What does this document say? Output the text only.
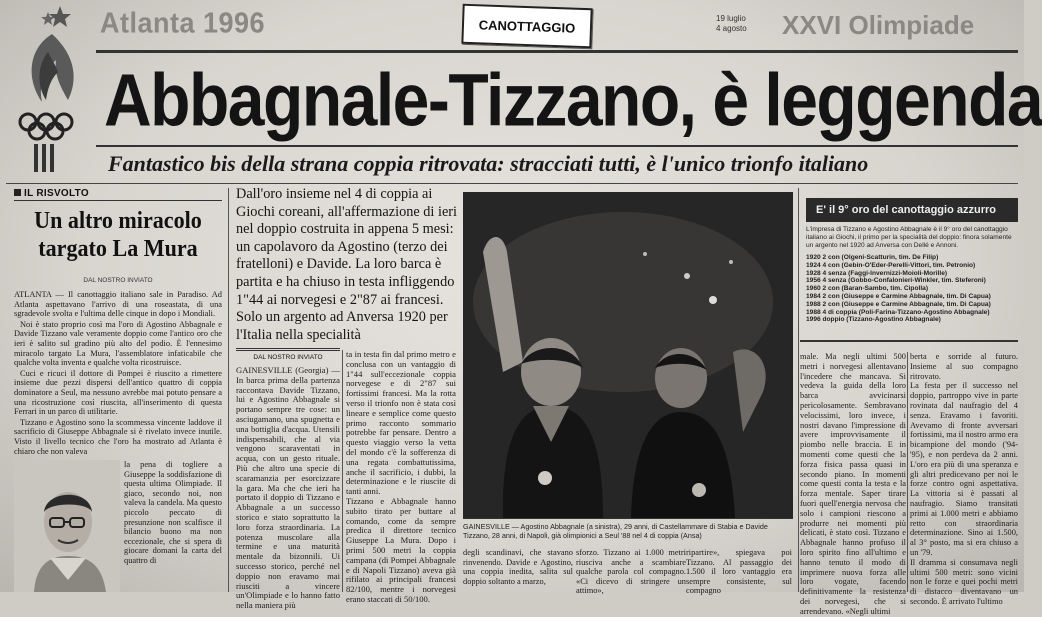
Atlanta 1996	CANOTTAGGIO	19 luglio
4 agosto	XXVI Olimpiade
Abbagnale-Tizzano, è leggenda
Fantastico bis della strana coppia ritrovata: stracciati tutti, è l'unico trionfo italiano
IL RISVOLTO
Un altro miracolo targato La Mura
DAL NOSTRO INVIATO

ATLANTA — Il canottaggio italiano sale in Paradiso. Ad Atlanta aspettavano l'arrivo di una roseastata, di una sgradevole svolta e l'ultima delle cinque in dopo i Mondiali.

Noi è stato proprio così ma l'oro di Agostino Abbagnale e Davide Tizzano vale veramente doppio come l'antico oro che ieri è salito sul gradino più alto del podio. È l'ennesimo miracolo targato La Mura, l'assemblatore infaticabile che qualche volta inventa e qualche volta ricostruisce.

Cuci e ricuci il dottore di Pompei è riuscito a rimettere insieme due pezzi dispersi dell'antico quattro di coppia dominatore a Seul, ma nessuno avrebbe mai potuto pensare a una ricostruzione così riuscita, all'inserimento di questa Ferrari in un parco di utilitarie.

Tizzano e Agostino sono la scommessa vincente laddove il sacrificio di Giuseppe Abbagnale si è rivelato invece inutile. Visto il livello tecnico che l'oro ha mostrato ad Atlanta è chiaro che non valeva

la pena di togliere a Giuseppe la soddisfazione di questa ultima Olimpiade. Il giaco, secondo noi, non valeva la candela. Ma questo piccolo peccato di presunzione non scalfisce il bilancio buono ma non eccezionale, che si spera di giocare domani la carta del quattro di
Dall'oro insieme nel 4 di coppia ai Giochi coreani, all'affermazione di ieri nel doppio costruita in appena 5 mesi: un capolavoro da Agostino (terzo dei fratelloni) e Davide. La loro barca è partita e ha chiuso in testa infliggendo 1"44 ai norvegesi e 2"87 ai francesi. Solo un argento ad Anversa 1920 per l'Italia nella specialità
DAL NOSTRO INVIATO
GAINESVILLE (Georgia) — In barca prima della partenza raccontava Davide Tizzano, lui e Agostino Abbagnale si portano sempre tre cose: un asciugamano, una spugnetta e una bottiglia d'acqua. Utensili indispensabili, che al via vengono scaraventati in acqua, con un gesto rituale. Più che altro una specie di scaramanzia per esorcizzare la gara. Ma che che ieri ha portato il doppio di Tizzano e Abbagnale a un successo storico e stato soprattutto la loro forza straordinaria. La potenza muscolare alla termine e una maturità mentale da bizonnili. Ui successo storico, perché nel doppio non eravamo mai riusciti a vincere un'Olimpiade e lo hanno fatto nella maniera più
ta in testa fin dal primo metro e conclusa con un vantaggio di 1"44 sull'eccezionale coppia norvegese e di 2"87 sui fortissimi francesi. Ma la rotta verso il trionfo non è stata così lineare e semplice come questo primo racconto sommario potrebbe far pensare. Dentro a questo viaggio verso la vetta del mondo c'è la sofferenza di una regata combattutissima, anche il sacrificio, i dubbi, la determinazione e le riuscite di tanti anni.
Tizzano e Abbagnale hanno subito tirato per buttare al comando, come da sempre predica il direttore tecnico Giuseppe La Mura. Dopo i primi 500 metri la coppia campana (di Pompei Abbagnale e di Napoli Tizzano) aveva già rifilato ai principali francesi 82/100, mentre i norvegesi erano staccati di 50/100.
GAINESVILLE — Agostino Abbagnale (a sinistra), 29 anni, di Castellammare di Stabia e Davide Tizzano, 28 anni, di Napoli, già olimpionici a Seul '88 nel 4 di coppia (Ansa)
degli scandinavi, che stavano rinvenendo. Davide e Agostino, una coppia inedita, salita sul doppio soltanto a marzo,
sforzo. Tizzano ai 1.000 metri riusciva anche a scambiare qualche parola col compagno. «Ci dicevo di stringere un attimo»,
ripartire», spiegava poi Tizzano. Al passaggio dei 1.500 il loro vantaggio era sempre consistente, sul compagno
E' il 9° oro del canottaggio azzurro
L'impresa di Tizzano e Agostino Abbagnale è il 9° oro del canottaggio italiano ai Giochi, il primo per la specialità del doppio: finora solamente un argento nel 1920 ad Anversa con Dellé e Annoni.
1920 2 con (Olgeni-Scatturin, tim. De Filip)
1924 4 con (Gebin-O'Eder-Perelli-Vittori, tim. Petronio)
1928 4 senza (Faggi-Invernizzi-Moioli-Morille)
1956 4 senza (Gobbo-Confalonieri-Winkler, tim. Steferoni)
1960 2 con (Baran-Sambo, tim. Cipolla)
1984 2 con (Giuseppe e Carmine Abbagnale, tim. Di Capua)
1988 2 con (Giuseppe e Carmine Abbagnale, tim. Di Capua)
1988 4 di coppia (Poli-Farina-Tizzano-Agostino Abbagnale)
1996 doppio (Tizzano-Agostino Abbagnale)
male. Ma negli ultimi 500 metri i norvegesi allentavano l'incedere che mancava. Si vedeva la guida della loro barca avvicinarsi pericolosamente. Sembravano velocissimi, loro invece, i nostri davano l'impressione di avere improvvisamente il piombo nelle braccia. E in momenti come questi che la forza fisica passa quasi in secondo piano. In momenti come questi conta la testa e la forza mentale. Saper tirare fuori quell'energia nervosa che solo i campioni riescono a produrre nei momenti più delicati, è stato così. Tizzano e Abbagnale hanno profuso il loro spirito fino all'ultimo e hanno tenuto il modo di imprimere nuova forza alle loro vogate, facendo definitivamente la resistenza dei norvegesi, che si arrendevano. «Negli ultimi
berta e sorride al futuro. Insieme al suo compagno ritrovato.
La festa per il successo nel doppio, partroppo vive in parte rovinata dal naufragio del 4 senza. Eravamo i favoriti. Avevamo di fronte avversari fortissimi, ma il nostro armo era bicampione del mondo ('94-'95), e non perdeva da 2 anni. L'oro era più di una speranza e gli altri predicevano per noi le forze contro ogni aspettativa. La vittoria si è passati al naufragio. Siamo transitati primi ai 1.000 metri e abbiamo retto con straordinaria determinazione. Sino ai 1.500, al 3° posto, ma si era chiuso a un '79.
Il dramma si consumava negli ultimi 500 metri: sono vicini non le forze e quei pochi metri di distacco diventavano un secondo. È arrivato l'ultimo
